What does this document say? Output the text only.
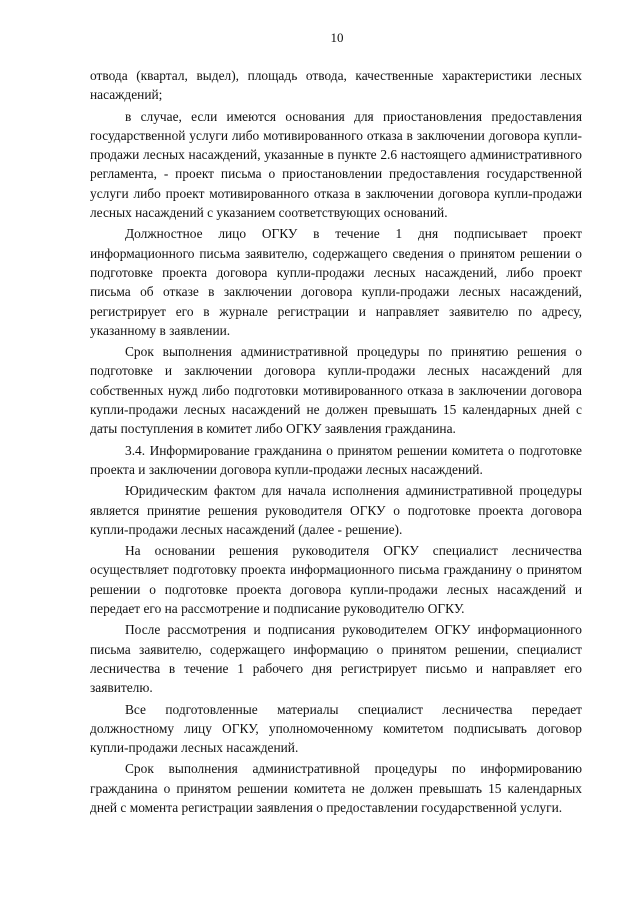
10

отвода (квартал, выдел), площадь отвода, качественные характеристики лесных насаждений;

в случае, если имеются основания для приостановления предоставления государственной услуги либо мотивированного отказа в заключении договора купли-продажи лесных насаждений, указанные в пункте 2.6 настоящего административного регламента, - проект письма о приостановлении предоставления государственной услуги либо проект мотивированного отказа в заключении договора купли-продажи лесных насаждений с указанием соответствующих оснований.

Должностное лицо ОГКУ в течение 1 дня подписывает проект информационного письма заявителю, содержащего сведения о принятом решении о подготовке проекта договора купли-продажи лесных насаждений, либо проект письма об отказе в заключении договора купли-продажи лесных насаждений, регистрирует его в журнале регистрации и направляет заявителю по адресу, указанному в заявлении.

Срок выполнения административной процедуры по принятию решения о подготовке и заключении договора купли-продажи лесных насаждений для собственных нужд либо подготовки мотивированного отказа в заключении договора купли-продажи лесных насаждений не должен превышать 15 календарных дней с даты поступления в комитет либо ОГКУ заявления гражданина.

3.4. Информирование гражданина о принятом решении комитета о подготовке проекта и заключении договора купли-продажи лесных насаждений.

Юридическим фактом для начала исполнения административной процедуры является принятие решения руководителя ОГКУ о подготовке проекта договора купли-продажи лесных насаждений (далее - решение).

На основании решения руководителя ОГКУ специалист лесничества осуществляет подготовку проекта информационного письма гражданину о принятом решении о подготовке проекта договора купли-продажи лесных насаждений и передает его на рассмотрение и подписание руководителю ОГКУ.

После рассмотрения и подписания руководителем ОГКУ информационного письма заявителю, содержащего информацию о принятом решении, специалист лесничества в течение 1 рабочего дня регистрирует письмо и направляет его заявителю.

Все подготовленные материалы специалист лесничества передает должностному лицу ОГКУ, уполномоченному комитетом подписывать договор купли-продажи лесных насаждений.

Срок выполнения административной процедуры по информированию гражданина о принятом решении комитета не должен превышать 15 календарных дней с момента регистрации заявления о предоставлении государственной услуги.
